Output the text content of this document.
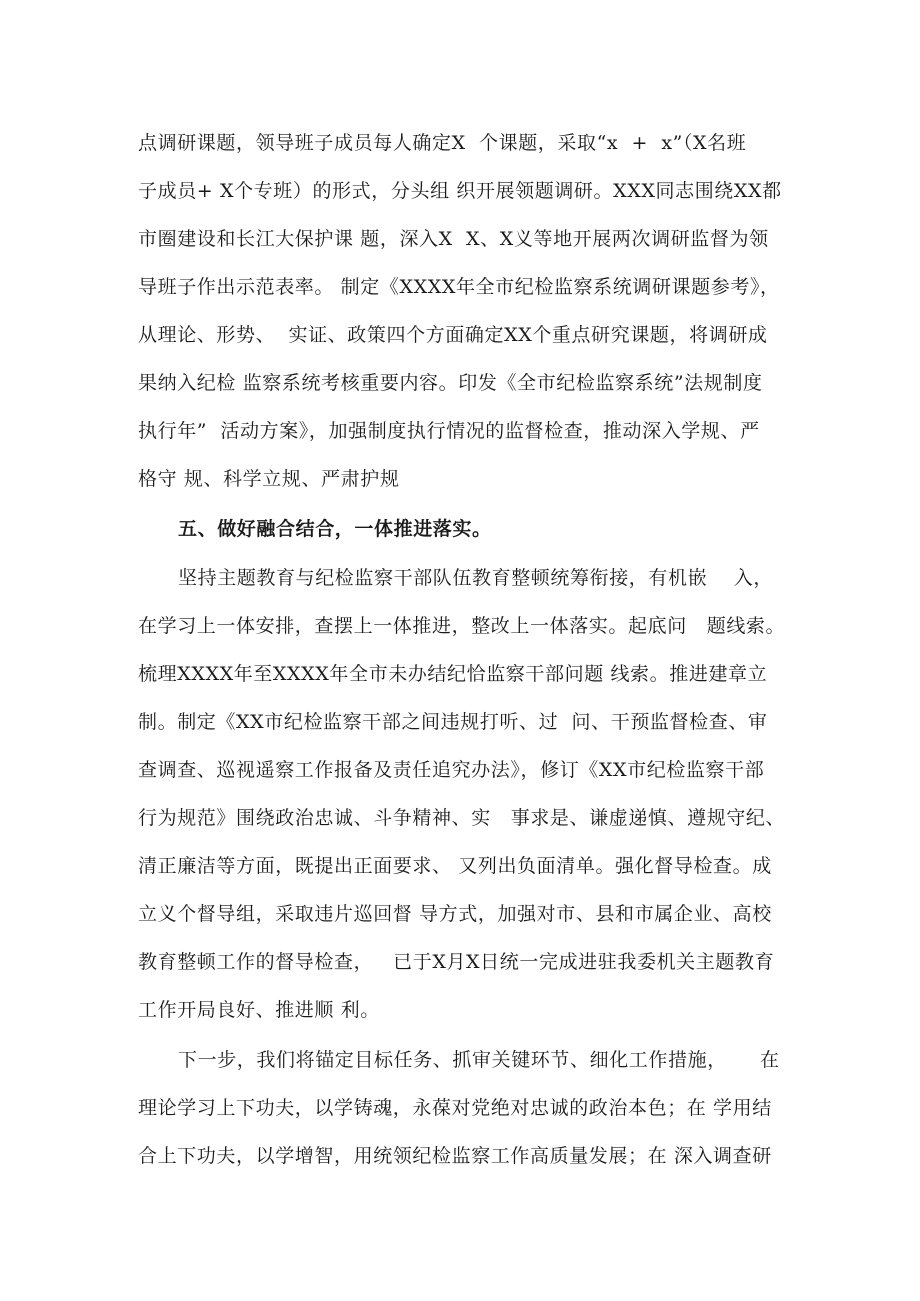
点调研课题，领导班子成员每人确定X  个课题，采取“x  +  x”（X名班
子成员+ X个专班）的形式，分头组 织开展领题调研。XXX同志围绕XX都
市圈建设和长江大保护课 题，深入X  X、X义等地开展两次调研监督为领
导班子作出示范表率。 制定《XXXX年全市纪检监察系统调研课题参考》，
从理论、形势、  实证、政策四个方面确定XX个重点研究课题，将调研成
果纳入纪检 监察系统考核重要内容。印发《全市纪检监察系统”法规制度
执行年”  活动方案》，加强制度执行情况的监督检查，推动深入学规、严
格守 规、科学立规、严肃护规
五、做好融合结合，一体推进落实。
坚持主题教育与纪检监察干部队伍教育整顿统筹衔接，有机嵌    入，
在学习上一体安排，查摆上一体推进，整改上一体落实。起底问   题线索。
梳理XXXX年至XXXX年全市未办结纪恰监察干部问题 线索。推进建章立
制。制定《XX市纪检监察干部之间违规打听、过  问、干预监督检查、审
查调查、巡视遥察工作报备及责任追究办法》，修订《XX市纪检监察干部
行为规范》围绕政治忠诚、斗争精神、实   事求是、谦虚递慎、遵规守纪、
清正廉洁等方面，既提出正面要求、 又列出负面清单。强化督导检查。成
立义个督导组，采取违片巡回督 导方式，加强对市、县和市属企业、高校
教育整顿工作的督导检查，   已于X月X日统一完成进驻我委机关主题教育
工作开局良好、推进顺 利。
下一步，我们将锚定目标任务、抓审关键环节、细化工作措施，     在
理论学习上下功夫，以学铸魂，永葆对党绝对忠诚的政治本色；在 学用结
合上下功夫，以学增智，用统领纪检监察工作高质量发展；在 深入调查研
